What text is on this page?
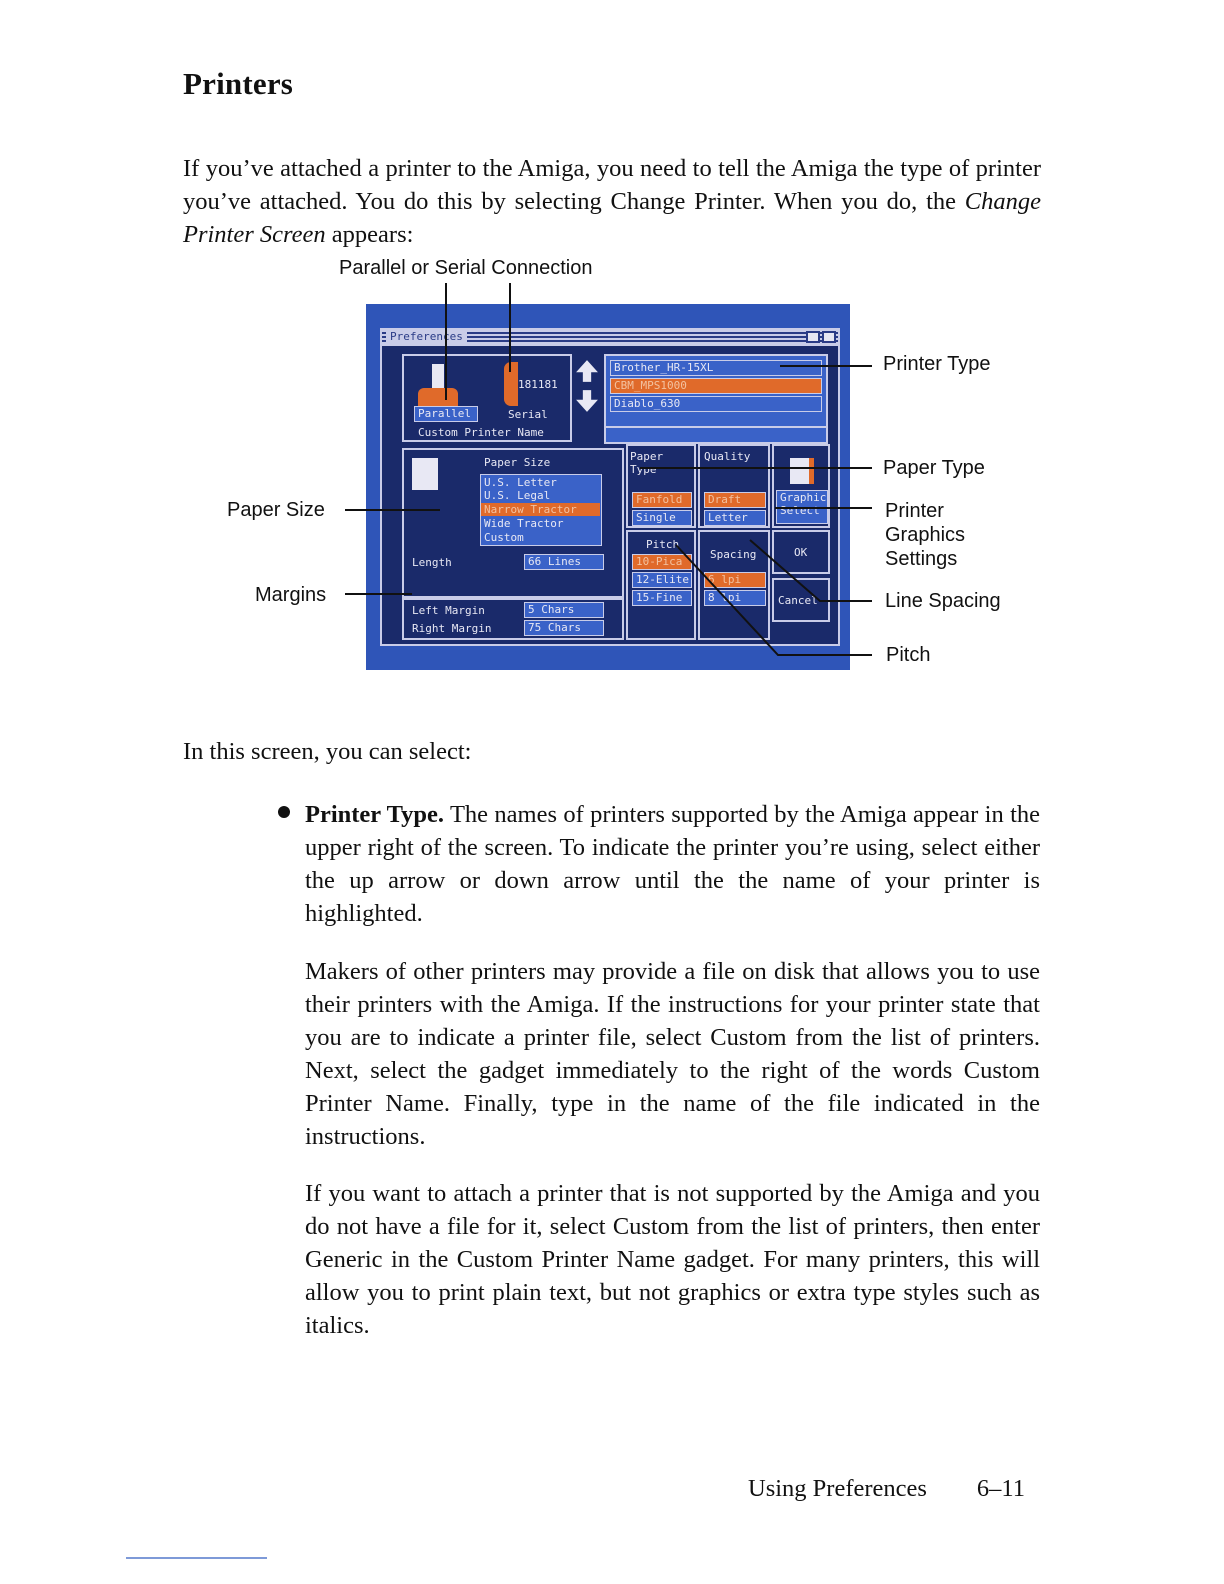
Printers

If you’ve attached a printer to the Amiga, you need to tell the Amiga the type of printer you’ve attached. You do this by selecting Change Printer. When you do, the Change Printer Screen appears:

Parallel or Serial Connection
Printer Type
Paper Type
Printer
Graphics
Settings
Line Spacing
Pitch
Paper Size
Margins
Preferences
181181
Parallel	Serial
Custom Printer Name
Brother_HR-15XL
CBM_MPS1000
Diablo_630
Paper Size
U.S. Letter
U.S. Legal
Narrow Tractor
Wide Tractor
Custom
Length	66 Lines
Left Margin	5 Chars
Right Margin	75 Chars
Paper Type
Fanfold
Single
Quality
Draft
Letter
Graphic
Select
Pitch
10-Pica
12-Elite
15-Fine
Spacing
6 lpi
8 lpi
OK
Cancel

In this screen, you can select:

Printer Type. The names of printers supported by the Amiga appear in the upper right of the screen. To indicate the printer you’re using, select either the up arrow or down arrow until the the name of your printer is highlighted.

Makers of other printers may provide a file on disk that allows you to use their printers with the Amiga. If the instructions for your printer state that you are to indicate a printer file, select Custom from the list of printers. Next, select the gadget immediately to the right of the words Custom Printer Name. Finally, type in the name of the file indicated in the instructions.

If you want to attach a printer that is not supported by the Amiga and you do not have a file for it, select Custom from the list of printers, then enter Generic in the Custom Printer Name gadget. For many printers, this will allow you to print plain text, but not graphics or extra type styles such as italics.

Using Preferences 6–11
